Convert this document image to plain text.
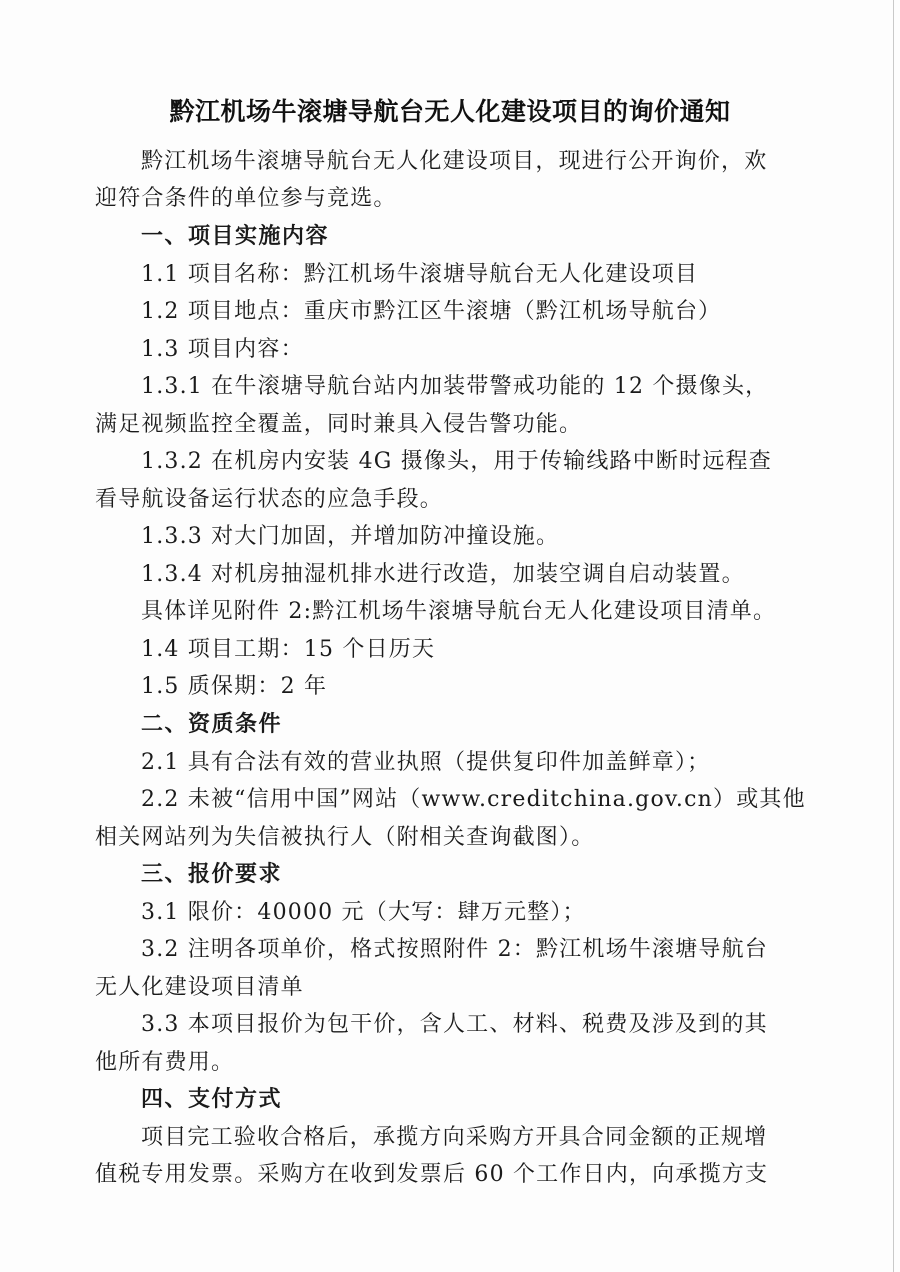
黔江机场牛滚塘导航台无人化建设项目的询价通知
黔江机场牛滚塘导航台无人化建设项目，现进行公开询价，欢
迎符合条件的单位参与竞选。
一、项目实施内容
1.1 项目名称：黔江机场牛滚塘导航台无人化建设项目
1.2 项目地点：重庆市黔江区牛滚塘（黔江机场导航台）
1.3 项目内容：
1.3.1 在牛滚塘导航台站内加装带警戒功能的 12 个摄像头，
满足视频监控全覆盖，同时兼具入侵告警功能。
1.3.2 在机房内安装 4G 摄像头，用于传输线路中断时远程查
看导航设备运行状态的应急手段。
1.3.3 对大门加固，并增加防冲撞设施。
1.3.4 对机房抽湿机排水进行改造，加装空调自启动装置。
具体详见附件 2:黔江机场牛滚塘导航台无人化建设项目清单。
1.4 项目工期：15 个日历天
1.5 质保期：2 年
二、资质条件
2.1 具有合法有效的营业执照（提供复印件加盖鲜章）；
2.2 未被“信用中国”网站（www.creditchina.gov.cn）或其他
相关网站列为失信被执行人（附相关查询截图）。
三、报价要求
3.1 限价：40000 元（大写：肆万元整）；
3.2 注明各项单价，格式按照附件 2：黔江机场牛滚塘导航台
无人化建设项目清单
3.3 本项目报价为包干价，含人工、材料、税费及涉及到的其
他所有费用。
四、支付方式
项目完工验收合格后，承揽方向采购方开具合同金额的正规增
值税专用发票。采购方在收到发票后 60 个工作日内，向承揽方支
